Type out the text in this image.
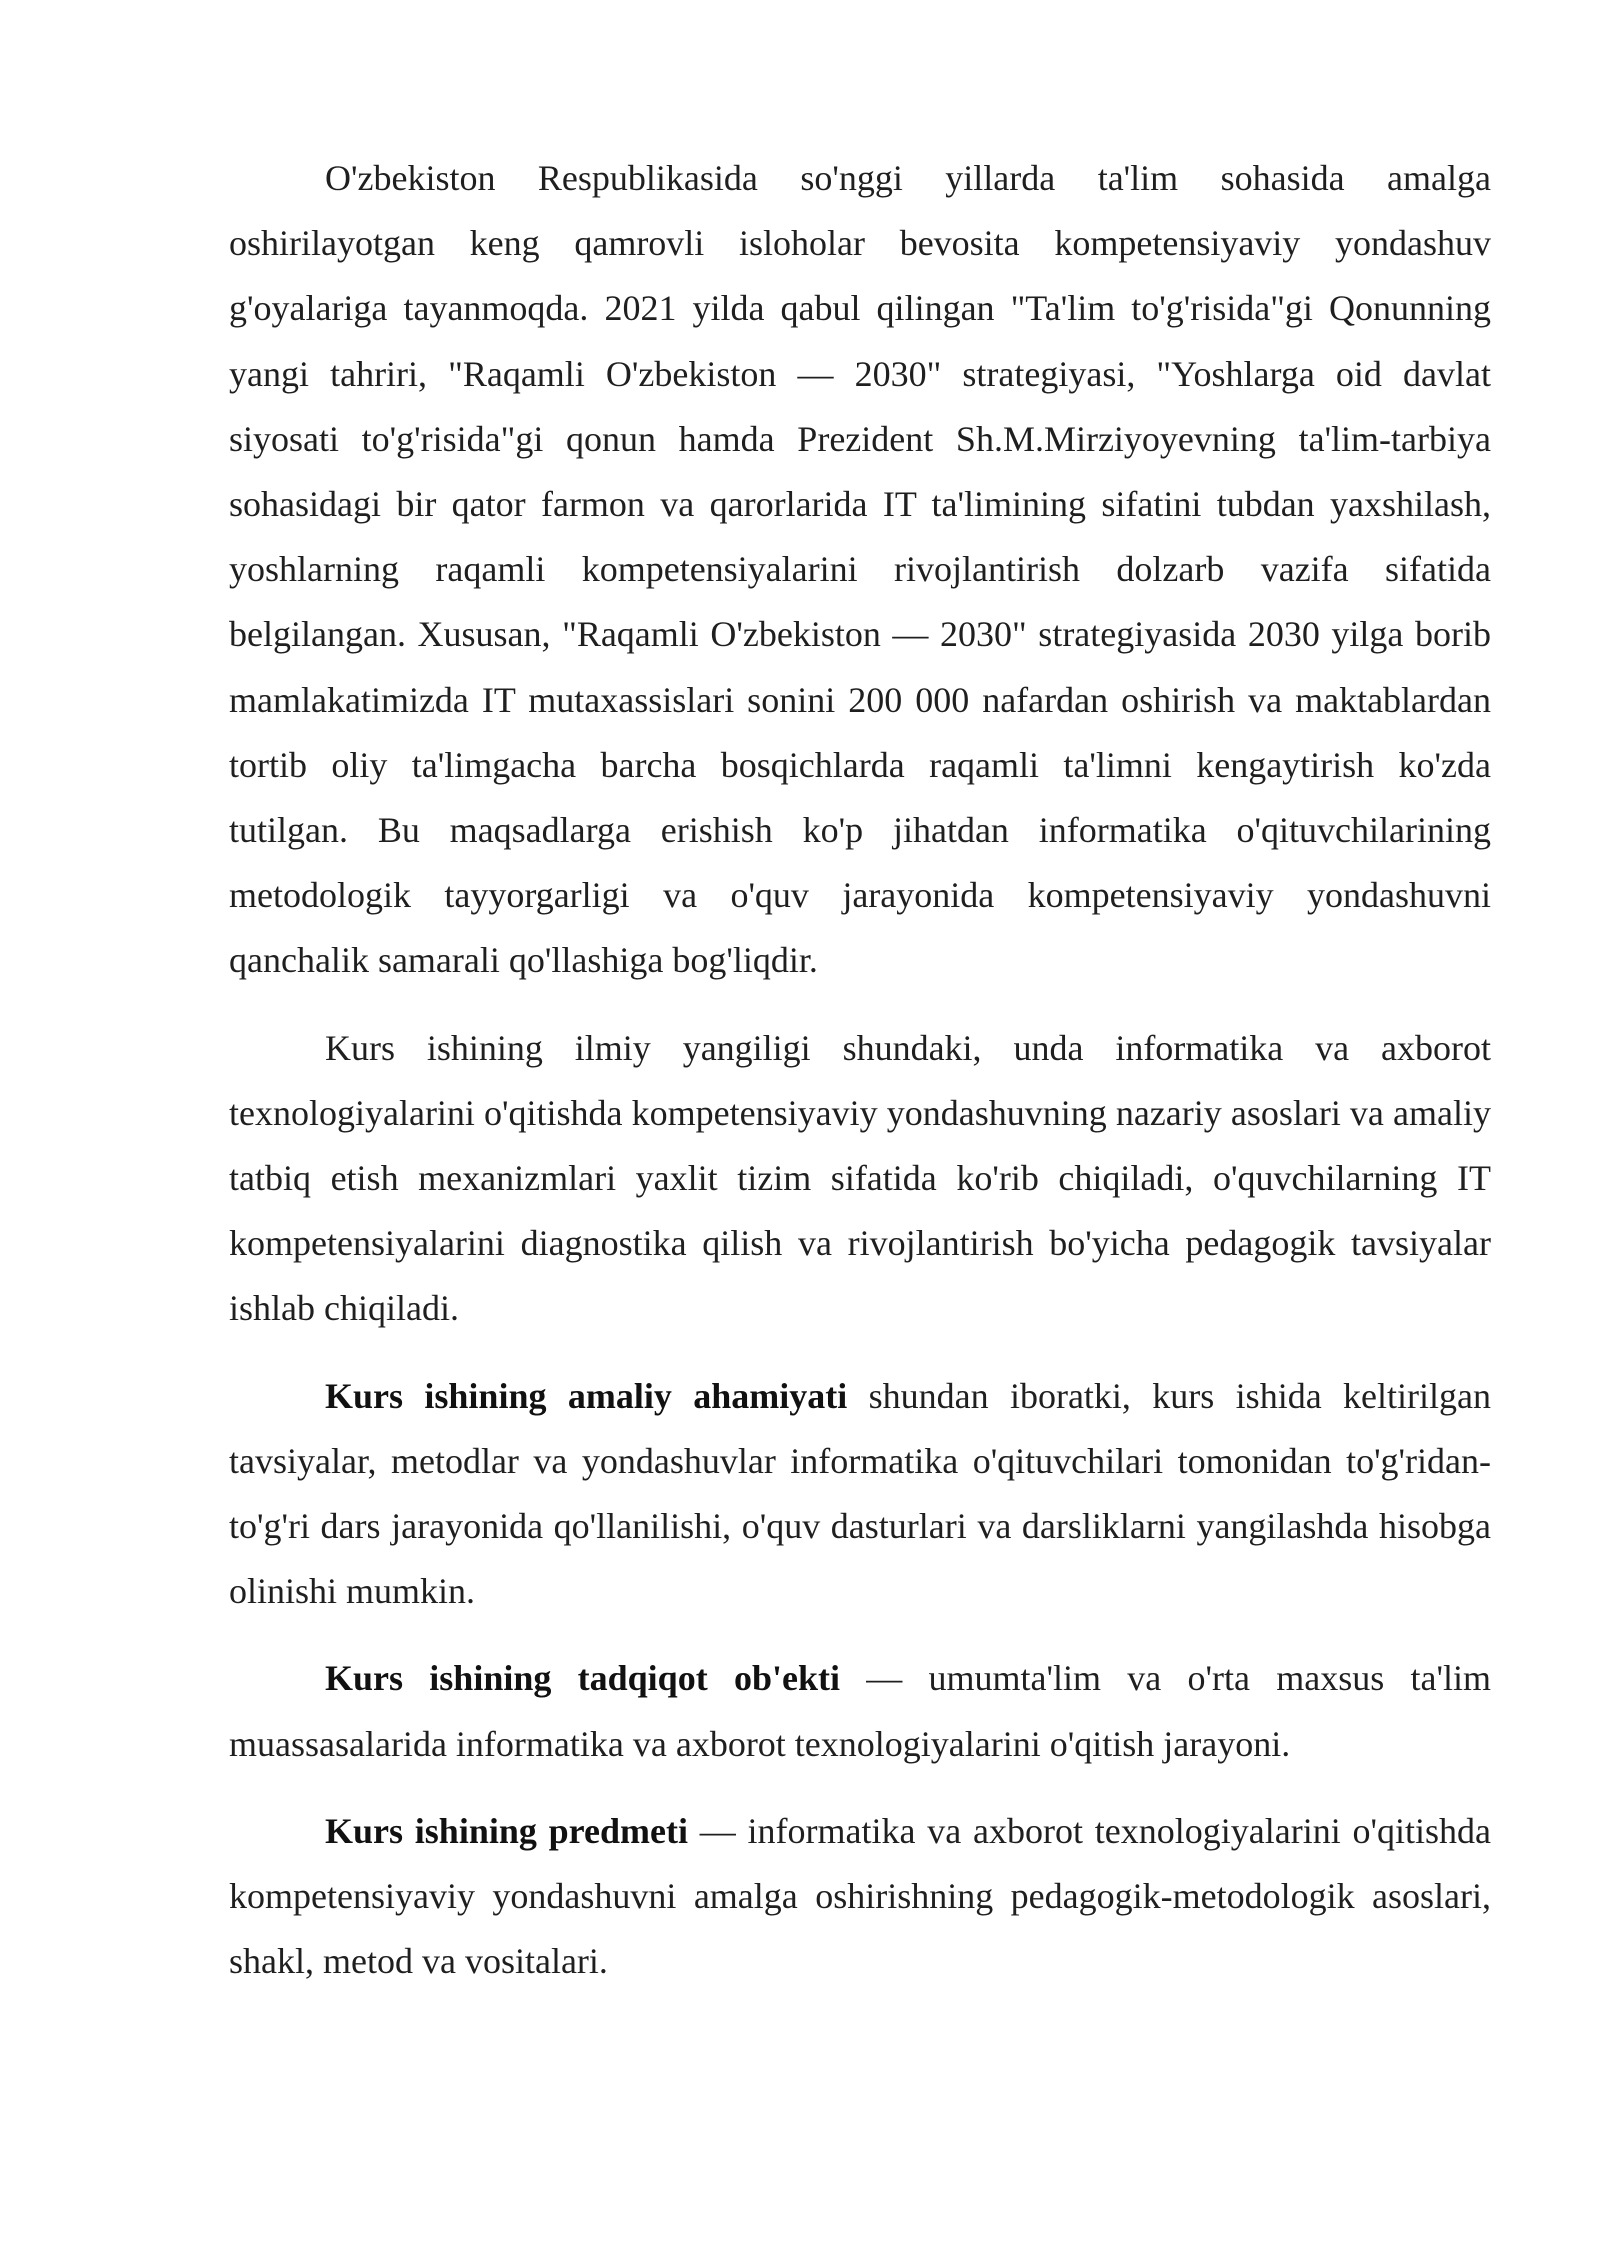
O'zbekiston Respublikasida so'nggi yillarda ta'lim sohasida amalga oshirilayotgan keng qamrovli isloholar bevosita kompetensiyaviy yondashuv g'oyalariga tayanmoqda. 2021 yilda qabul qilingan "Ta'lim to'g'risida"gi Qonunning yangi tahriri, "Raqamli O'zbekiston — 2030" strategiyasi, "Yoshlarga oid davlat siyosati to'g'risida"gi qonun hamda Prezident Sh.M.Mirziyoyevning ta'lim-tarbiya sohasidagi bir qator farmon va qarorlarida IT ta'limining sifatini tubdan yaxshilash, yoshlarning raqamli kompetensiyalarini rivojlantirish dolzarb vazifa sifatida belgilangan. Xususan, "Raqamli O'zbekiston — 2030" strategiyasida 2030 yilga borib mamlakatimizda IT mutaxassislari sonini 200 000 nafardan oshirish va maktablardan tortib oliy ta'limgacha barcha bosqichlarda raqamli ta'limni kengaytirish ko'zda tutilgan. Bu maqsadlarga erishish ko'p jihatdan informatika o'qituvchilarining metodologik tayyorgarligi va o'quv jarayonida kompetensiyaviy yondashuvni qanchalik samarali qo'llashiga bog'liqdir.

Kurs ishining ilmiy yangiligi shundaki, unda informatika va axborot texnologiyalarini o'qitishda kompetensiyaviy yondashuvning nazariy asoslari va amaliy tatbiq etish mexanizmlari yaxlit tizim sifatida ko'rib chiqiladi, o'quvchilarning IT kompetensiyalarini diagnostika qilish va rivojlantirish bo'yicha pedagogik tavsiyalar ishlab chiqiladi.

Kurs ishining amaliy ahamiyati shundan iboratki, kurs ishida keltirilgan tavsiyalar, metodlar va yondashuvlar informatika o'qituvchilari tomonidan to'g'ridan-to'g'ri dars jarayonida qo'llanilishi, o'quv dasturlari va darsliklarni yangilashda hisobga olinishi mumkin.

Kurs ishining tadqiqot ob'ekti — umumta'lim va o'rta maxsus ta'lim muassasalarida informatika va axborot texnologiyalarini o'qitish jarayoni.

Kurs ishining predmeti — informatika va axborot texnologiyalarini o'qitishda kompetensiyaviy yondashuvni amalga oshirishning pedagogik-metodologik asoslari, shakl, metod va vositalari.
